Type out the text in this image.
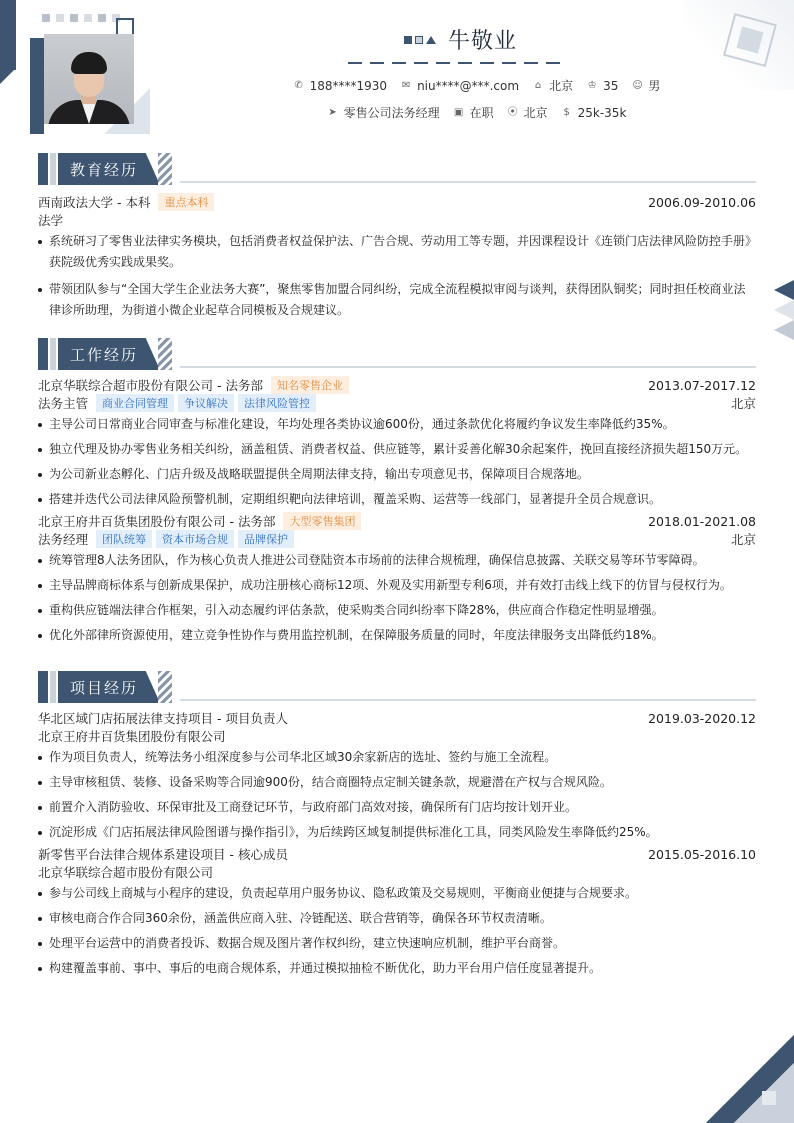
牛敬业
✆ 188****1930 ✉ niu****@***.com ⌂ 北京 ♔ 35 ☺ 男
➤ 零售公司法务经理 ▣ 在职 ⦿ 北京 $ 25k-35k
教育经历
西南政法大学 - 本科	重点本科	2006.09-2010.06
法学
系统研习了零售业法律实务模块，包括消费者权益保护法、广告合规、劳动用工等专题，并因课程设计《连锁门店法律风险防控手册》获院级优秀实践成果奖。
带领团队参与“全国大学生企业法务大赛”，聚焦零售加盟合同纠纷，完成全流程模拟审阅与谈判，获得团队铜奖；同时担任校商业法律诊所助理，为街道小微企业起草合同模板及合规建议。
工作经历
北京华联综合超市股份有限公司 - 法务部	知名零售企业	2013.07-2017.12
法务主管	商业合同管理	争议解决	法律风险管控	北京
主导公司日常商业合同审查与标准化建设，年均处理各类协议逾600份，通过条款优化将履约争议发生率降低约35%。
独立代理及协办零售业务相关纠纷，涵盖租赁、消费者权益、供应链等，累计妥善化解30余起案件，挽回直接经济损失超150万元。
为公司新业态孵化、门店升级及战略联盟提供全周期法律支持，输出专项意见书，保障项目合规落地。
搭建并迭代公司法律风险预警机制，定期组织靶向法律培训，覆盖采购、运营等一线部门，显著提升全员合规意识。
北京王府井百货集团股份有限公司 - 法务部	大型零售集团	2018.01-2021.08
法务经理	团队统筹	资本市场合规	品牌保护	北京
统筹管理8人法务团队，作为核心负责人推进公司登陆资本市场前的法律合规梳理，确保信息披露、关联交易等环节零障碍。
主导品牌商标体系与创新成果保护，成功注册核心商标12项、外观及实用新型专利6项，并有效打击线上线下的仿冒与侵权行为。
重构供应链端法律合作框架，引入动态履约评估条款，使采购类合同纠纷率下降28%，供应商合作稳定性明显增强。
优化外部律所资源使用，建立竞争性协作与费用监控机制，在保障服务质量的同时，年度法律服务支出降低约18%。
项目经历
华北区域门店拓展法律支持项目 - 项目负责人	2019.03-2020.12
北京王府井百货集团股份有限公司
作为项目负责人，统筹法务小组深度参与公司华北区域30余家新店的选址、签约与施工全流程。
主导审核租赁、装修、设备采购等合同逾900份，结合商圈特点定制关键条款，规避潜在产权与合规风险。
前置介入消防验收、环保审批及工商登记环节，与政府部门高效对接，确保所有门店均按计划开业。
沉淀形成《门店拓展法律风险图谱与操作指引》，为后续跨区域复制提供标准化工具，同类风险发生率降低约25%。
新零售平台法律合规体系建设项目 - 核心成员	2015.05-2016.10
北京华联综合超市股份有限公司
参与公司线上商城与小程序的建设，负责起草用户服务协议、隐私政策及交易规则，平衡商业便捷与合规要求。
审核电商合作合同360余份，涵盖供应商入驻、冷链配送、联合营销等，确保各环节权责清晰。
处理平台运营中的消费者投诉、数据合规及图片著作权纠纷，建立快速响应机制，维护平台商誉。
构建覆盖事前、事中、事后的电商合规体系，并通过模拟抽检不断优化，助力平台用户信任度显著提升。
